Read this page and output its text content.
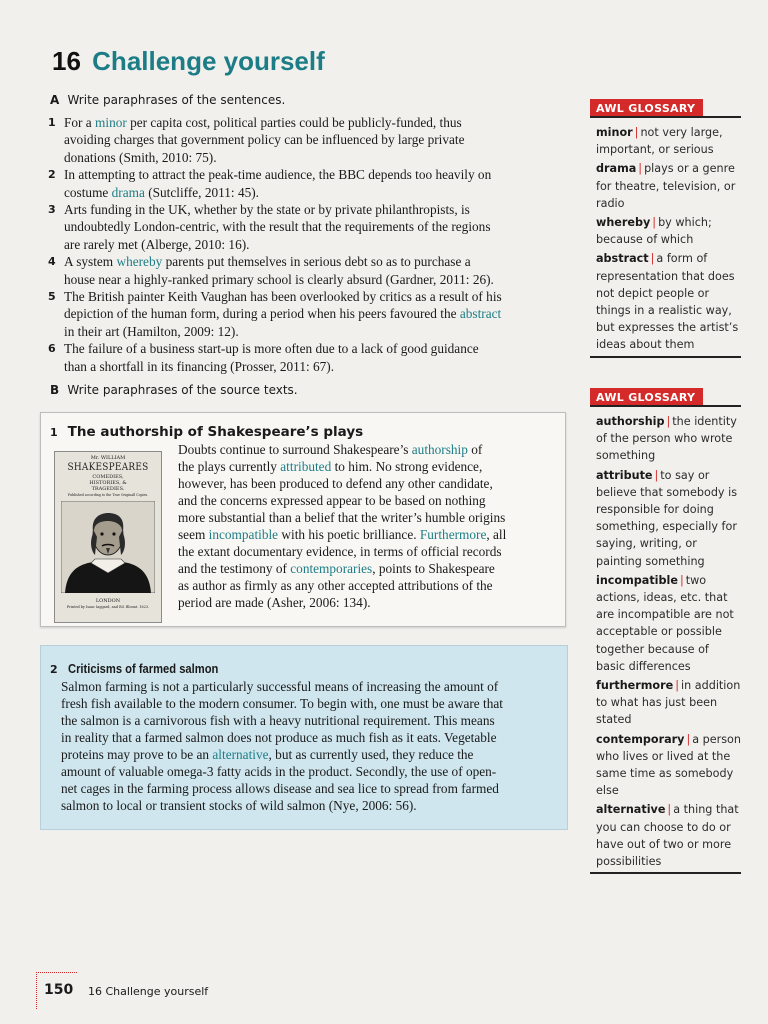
16 Challenge yourself
A Write paraphrases of the sentences.
1 For a minor per capita cost, political parties could be publicly-funded, thus
avoiding charges that government policy can be influenced by large private
donations (Smith, 2010: 75).
2 In attempting to attract the peak-time audience, the BBC depends too heavily on
costume drama (Sutcliffe, 2011: 45).
3 Arts funding in the UK, whether by the state or by private philanthropists, is
undoubtedly London-centric, with the result that the requirements of the regions
are rarely met (Alberge, 2010: 16).
4 A system whereby parents put themselves in serious debt so as to purchase a
house near a highly-ranked primary school is clearly absurd (Gardner, 2011: 26).
5 The British painter Keith Vaughan has been overlooked by critics as a result of his
depiction of the human form, during a period when his peers favoured the abstract
in their art (Hamilton, 2009: 12).
6 The failure of a business start-up is more often due to a lack of good guidance
than a shortfall in its financing (Prosser, 2011: 67).
B Write paraphrases of the source texts.
1 The authorship of Shakespeare’s plays
Mr. WILLIAM
SHAKESPEARES
COMEDIES,
HISTORIES, &
TRAGEDIES.
Published according to the True Originall Copies.
LONDON
Printed by Isaac Iaggard, and Ed. Blount. 1623.
Doubts continue to surround Shakespeare’s authorship of
the plays currently attributed to him. No strong evidence,
however, has been produced to defend any other candidate,
and the concerns expressed appear to be based on nothing
more substantial than a belief that the writer’s humble origins
seem incompatible with his poetic brilliance. Furthermore, all
the extant documentary evidence, in terms of official records
and the testimony of contemporaries, points to Shakespeare
as author as firmly as any other accepted attributions of the
period are made (Asher, 2006: 134).
2 Criticisms of farmed salmon
Salmon farming is not a particularly successful means of increasing the amount of
fresh fish available to the modern consumer. To begin with, one must be aware that
the salmon is a carnivorous fish with a heavy nutritional requirement. This means
in reality that a farmed salmon does not produce as much fish as it eats. Vegetable
proteins may prove to be an alternative, but as currently used, they reduce the
amount of valuable omega-3 fatty acids in the product. Secondly, the use of open-
net cages in the farming process allows disease and sea lice to spread from farmed
salmon to local or transient stocks of wild salmon (Nye, 2006: 56).
AWL GLOSSARY
minor | not very large, important, or serious
drama | plays or a genre for theatre, television, or radio
whereby | by which; because of which
abstract | a form of representation that does not depict people or things in a realistic way, but expresses the artist’s ideas about them
AWL GLOSSARY
authorship | the identity of the person who wrote something
attribute | to say or believe that somebody is responsible for doing something, especially for saying, writing, or painting something
incompatible | two actions, ideas, etc. that are incompatible are not acceptable or possible together because of basic differences
furthermore | in addition to what has just been stated
contemporary | a person who lives or lived at the same time as somebody else
alternative | a thing that you can choose to do or have out of two or more possibilities
150 16 Challenge yourself
